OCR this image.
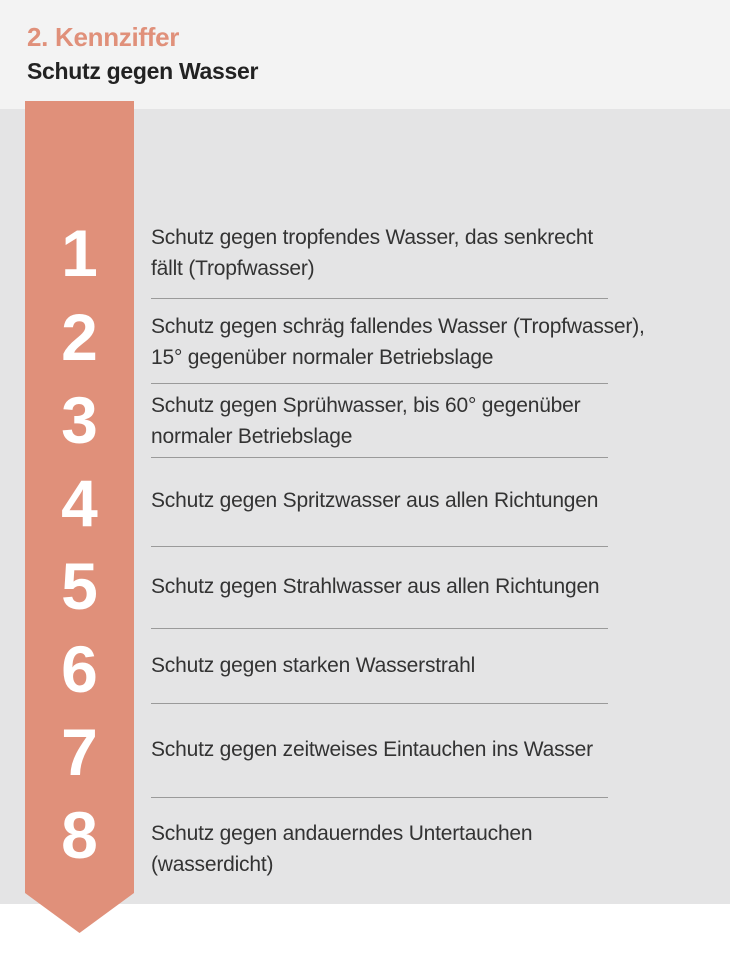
2. Kennziffer
Schutz gegen Wasser
1
2
3
4
5
6
7
8
Schutz gegen tropfendes Wasser, das senkrecht
fällt (Tropfwasser)
Schutz gegen schräg fallendes Wasser (Tropfwasser),
15° gegenüber normaler Betriebslage
Schutz gegen Sprühwasser, bis 60° gegenüber
normaler Betriebslage
Schutz gegen Spritzwasser aus allen Richtungen
Schutz gegen Strahlwasser aus allen Richtungen
Schutz gegen starken Wasserstrahl
Schutz gegen zeitweises Eintauchen ins Wasser
Schutz gegen andauerndes Untertauchen
(wasserdicht)
